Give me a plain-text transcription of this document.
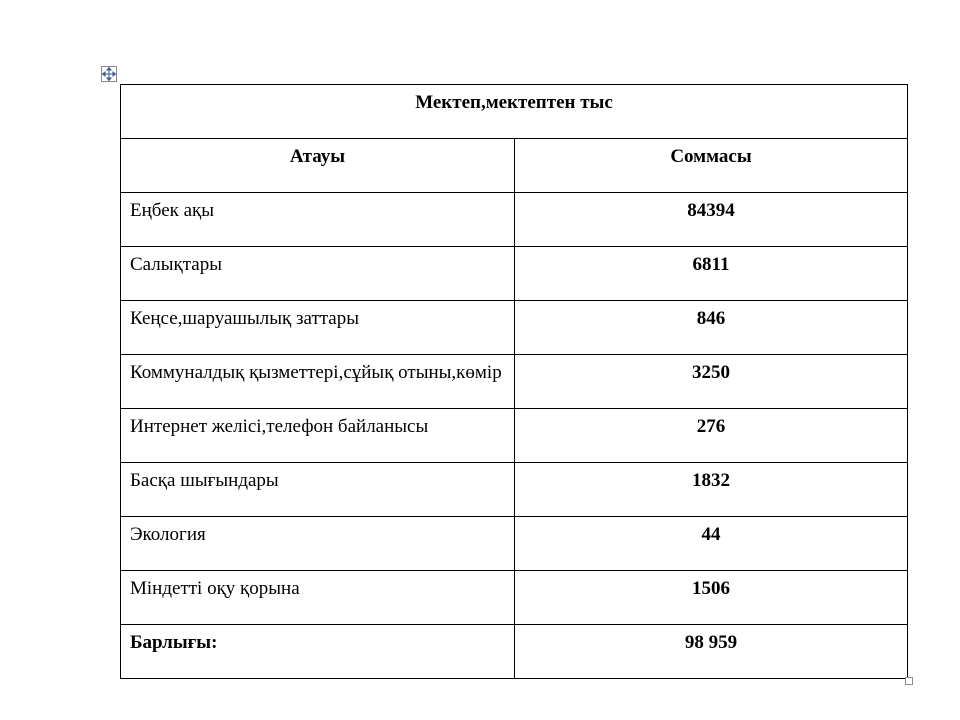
Мектеп,мектептен тыс	
Атауы	Соммасы
Еңбек ақы	84394
Салықтары	6811
Кеңсе,шаруашылық заттары	846
Коммуналдық қызметтері,сұйық отыны,көмір	3250
Интернет желісі,телефон байланысы	276
Басқа шығындары	1832
Экология	44
Міндетті оқу қорына	1506
Барлығы:	98 959
